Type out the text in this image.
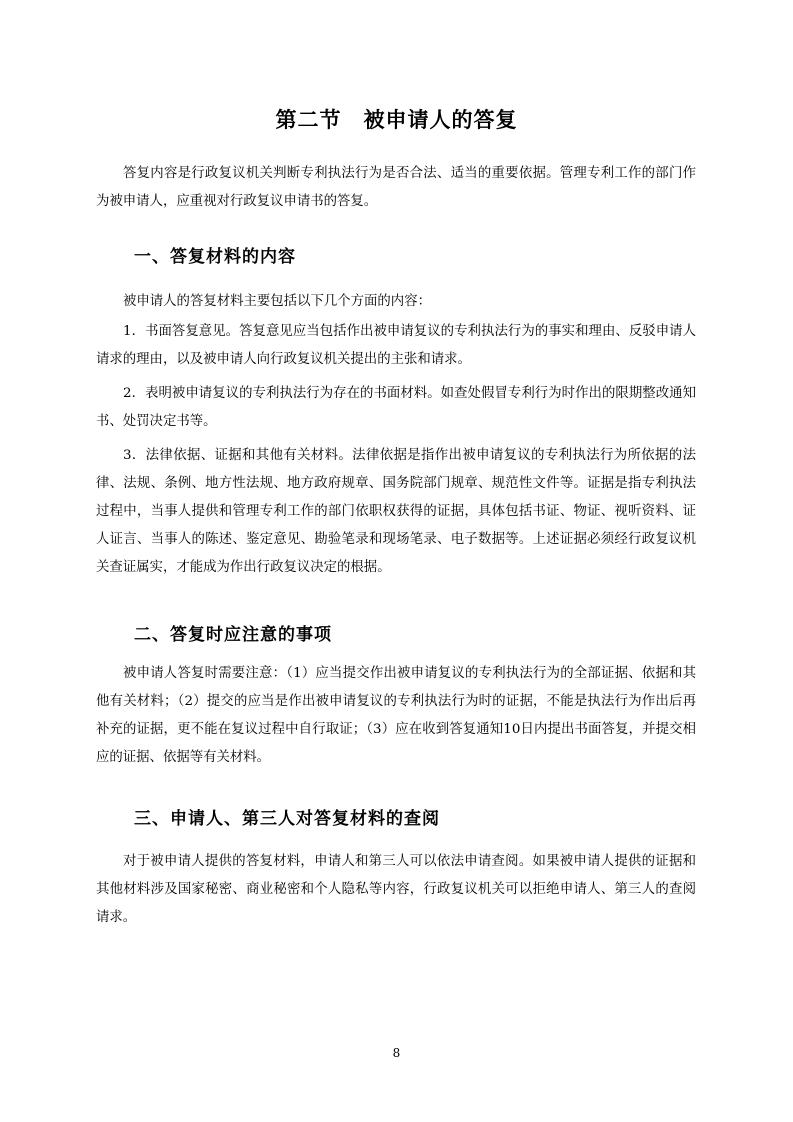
第二节　被申请人的答复

答复内容是行政复议机关判断专利执法行为是否合法、适当的重要依据。管理专利工作的部门作为被申请人，应重视对行政复议申请书的答复。

一、答复材料的内容

被申请人的答复材料主要包括以下几个方面的内容：

1．书面答复意见。答复意见应当包括作出被申请复议的专利执法行为的事实和理由、反驳申请人请求的理由，以及被申请人向行政复议机关提出的主张和请求。

2．表明被申请复议的专利执法行为存在的书面材料。如查处假冒专利行为时作出的限期整改通知书、处罚决定书等。

3．法律依据、证据和其他有关材料。法律依据是指作出被申请复议的专利执法行为所依据的法律、法规、条例、地方性法规、地方政府规章、国务院部门规章、规范性文件等。证据是指专利执法过程中，当事人提供和管理专利工作的部门依职权获得的证据，具体包括书证、物证、视听资料、证人证言、当事人的陈述、鉴定意见、勘验笔录和现场笔录、电子数据等。上述证据必须经行政复议机关查证属实，才能成为作出行政复议决定的根据。

二、答复时应注意的事项

被申请人答复时需要注意：（1）应当提交作出被申请复议的专利执法行为的全部证据、依据和其他有关材料；（2）提交的应当是作出被申请复议的专利执法行为时的证据，不能是执法行为作出后再补充的证据，更不能在复议过程中自行取证；（3）应在收到答复通知10日内提出书面答复，并提交相应的证据、依据等有关材料。

三、申请人、第三人对答复材料的查阅

对于被申请人提供的答复材料，申请人和第三人可以依法申请查阅。如果被申请人提供的证据和其他材料涉及国家秘密、商业秘密和个人隐私等内容，行政复议机关可以拒绝申请人、第三人的查阅请求。

8
